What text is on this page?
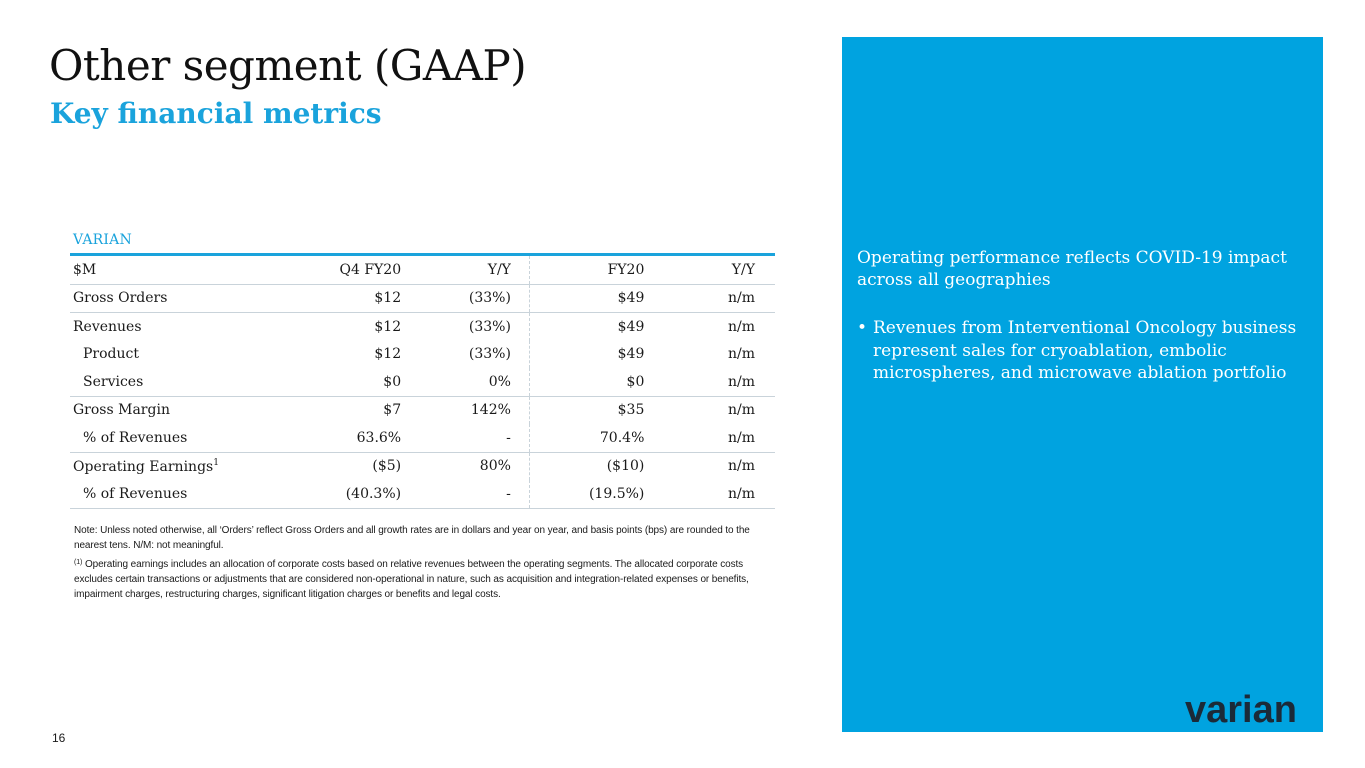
Other segment (GAAP)
Key financial metrics
VARIAN
$M	Q4 FY20	Y/Y	FY20	Y/Y
Gross Orders	$12	(33%)	$49	n/m
Revenues	$12	(33%)	$49	n/m
Product	$12	(33%)	$49	n/m
Services	$0	0%	$0	n/m
Gross Margin	$7	142%	$35	n/m
% of Revenues	63.6%	-	70.4%	n/m
Operating Earnings$^1$	($5)	80%	($10)	n/m
% of Revenues	(40.3%)	-	(19.5%)	n/m

Note: Unless noted otherwise, all ‘Orders’ reflect Gross Orders and all growth rates are in dollars and year on year, and basis points (bps) are rounded to the nearest tens. N/M: not meaningful.

$^{(1)}$ Operating earnings includes an allocation of corporate costs based on relative revenues between the operating segments. The allocated corporate costs excludes certain transactions or adjustments that are considered non-operational in nature, such as acquisition and integration-related expenses or benefits, impairment charges, restructuring charges, significant litigation charges or benefits and legal costs.

Operating performance reflects COVID-19 impact across all geographies
• Revenues from Interventional Oncology business represent sales for cryoablation, embolic microspheres, and microwave ablation portfolio
varian
16
